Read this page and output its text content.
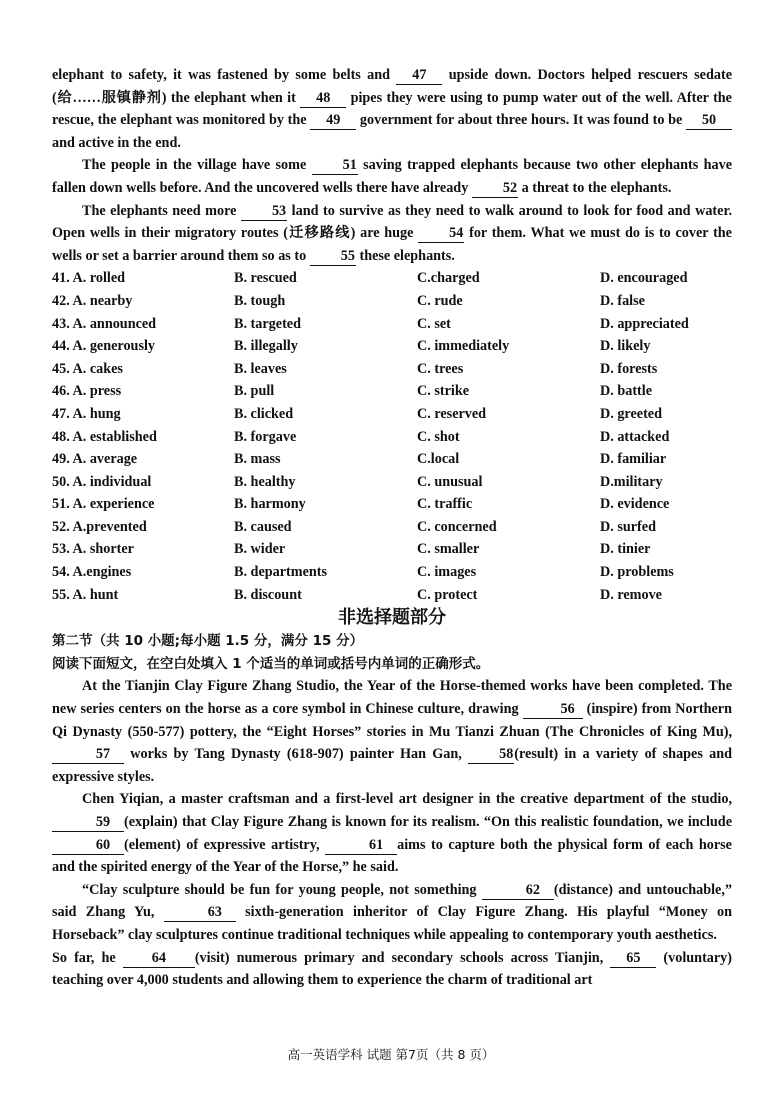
elephant to safety, it was fastened by some belts and 47 upside down. Doctors helped rescuers sedate (给……服镇静剂) the elephant when it 48 pipes they were using to pump water out of the well. After the rescue, the elephant was monitored by the 49 government for about three hours. It was found to be 50 and active in the end.

The people in the village have some 51 saving trapped elephants because two other elephants have fallen down wells before. And the uncovered wells there have already 52 a threat to the elephants.

The elephants need more 53 land to survive as they need to walk around to look for food and water. Open wells in their migratory routes (迁移路线) are huge 54 for them. What we must do is to cover the wells or set a barrier around them so as to 55 these elephants.

41. A. rolled	B. rescued	C.charged	D. encouraged
42. A. nearby	B. tough	C. rude	D. false
43. A. announced	B. targeted	C. set	D. appreciated
44. A. generously	B. illegally	C. immediately	D. likely
45. A. cakes	B. leaves	C. trees	D. forests
46. A. press	B. pull	C. strike	D. battle
47. A. hung	B. clicked	C. reserved	D. greeted
48. A. established	B. forgave	C. shot	D. attacked
49. A. average	B. mass	C.local	D. familiar
50. A. individual	B. healthy	C. unusual	D.military
51. A. experience	B. harmony	C. traffic	D. evidence
52. A.prevented	B. caused	C. concerned	D. surfed
53. A. shorter	B. wider	C. smaller	D. tinier
54. A.engines	B. departments	C. images	D. problems
55. A. hunt	B. discount	C. protect	D. remove
非选择题部分
第二节（共 10 小题;每小题 1.5 分，满分 15 分）
阅读下面短文，在空白处填入 1 个适当的单词或括号内单词的正确形式。

At the Tianjin Clay Figure Zhang Studio, the Year of the Horse-themed works have been completed. The new series centers on the horse as a core symbol in Chinese culture, drawing	56 (inspire) from Northern Qi Dynasty (550-577) pottery, the “Eight Horses” stories in Mu Tianzi Zhuan (The Chronicles of King Mu), 57 works by Tang Dynasty (618-907) painter Han Gan, 58(result) in a variety of shapes and expressive styles.

Chen Yiqian, a master craftsman and a first-level art designer in the creative department of the studio, 59 (explain) that Clay Figure Zhang is known for its realism. “On this realistic foundation, we include 60 (element) of expressive artistry,	61 aims to capture both the physical form of each horse and the spirited energy of the Year of the Horse,” he said.

“Clay sculpture should be fun for young people, not something	62 (distance) and untouchable,” said Zhang Yu,	63 sixth-generation inheritor of Clay Figure Zhang. His playful “Money on Horseback” clay sculptures continue traditional techniques while appealing to contemporary youth aesthetics.

So far, he 64 (visit) numerous primary and secondary schools across Tianjin, 65 (voluntary) teaching over 4,000 students and allowing them to experience the charm of traditional art

高一英语学科 试题 第7页（共 8 页）
